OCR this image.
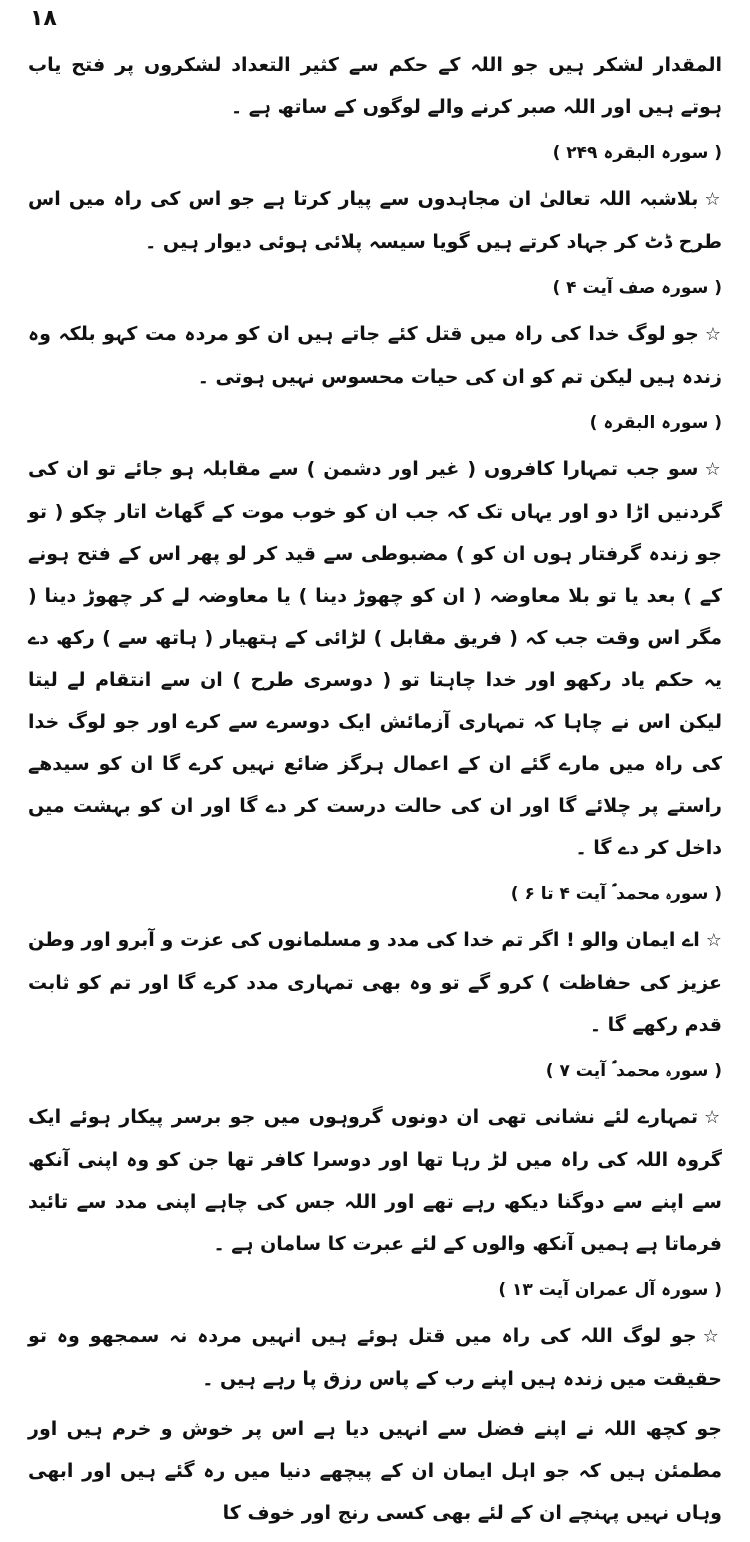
۱۸

المقدار لشکر ہیں جو اللہ کے حکم سے کثیر التعداد لشکروں پر فتح یاب ہوتے ہیں اور اللہ صبر کرنے والے لوگوں کے ساتھ ہے ۔

( سورہ البقرہ ۲۴۹ )

☆بلاشبہ اللہ تعالیٰ ان مجاہدوں سے پیار کرتا ہے جو اس کی راہ میں اس طرح ڈٹ کر جہاد کرتے ہیں گویا سیسہ پلائی ہوئی دیوار ہیں ۔

( سورہ صف آیت ۴ )

☆جو لوگ خدا کی راہ میں قتل کئے جاتے ہیں ان کو مردہ مت کہو بلکہ وہ زندہ ہیں لیکن تم کو ان کی حیات محسوس نہیں ہوتی ۔

( سورہ البقرہ )

☆سو جب تمہارا کافروں ( غیر اور دشمن ) سے مقابلہ ہو جائے تو ان کی گردنیں اڑا دو اور یہاں تک کہ جب ان کو خوب موت کے گھاٹ اتار چکو ( تو جو زندہ گرفتار ہوں ان کو ) مضبوطی سے قید کر لو پھر اس کے فتح ہونے کے ) بعد یا تو بلا معاوضہ ( ان کو چھوڑ دینا ) یا معاوضہ لے کر چھوڑ دینا ( مگر اس وقت جب کہ ( فریق مقابل ) لڑائی کے ہتھیار ( ہاتھ سے ) رکھ دے یہ حکم یاد رکھو اور خدا چاہتا تو ( دوسری طرح ) ان سے انتقام لے لیتا لیکن اس نے چاہا کہ تمہاری آزمائش ایک دوسرے سے کرے اور جو لوگ خدا کی راہ میں مارے گئے ان کے اعمال ہرگز ضائع نہیں کرے گا ان کو سیدھے راستے پر چلائے گا اور ان کی حالت درست کر دے گا اور ان کو بہشت میں داخل کر دے گا ۔

( سورہ محمد ؐ آیت ۴ تا ۶ )

☆اے ایمان والو ! اگر تم خدا کی مدد و مسلمانوں کی عزت و آبرو اور وطن عزیز کی حفاظت ) کرو گے تو وہ بھی تمہاری مدد کرے گا اور تم کو ثابت قدم رکھے گا ۔

( سورہ محمد ؐ آیت ۷ )

☆تمہارے لئے نشانی تھی ان دونوں گروہوں میں جو برسر پیکار ہوئے ایک گروہ اللہ کی راہ میں لڑ رہا تھا اور دوسرا کافر تھا جن کو وہ اپنی آنکھ سے اپنے سے دوگنا دیکھ رہے تھے اور اللہ جس کی چاہے اپنی مدد سے تائید فرماتا ہے ہمیں آنکھ والوں کے لئے عبرت کا سامان ہے ۔

( سورہ آل عمران آیت ۱۳ )

☆جو لوگ اللہ کی راہ میں قتل ہوئے ہیں انہیں مردہ نہ سمجھو وہ تو حقیقت میں زندہ ہیں اپنے رب کے پاس رزق پا رہے ہیں ۔

جو کچھ اللہ نے اپنے فضل سے انہیں دیا ہے اس پر خوش و خرم ہیں اور مطمئن ہیں کہ جو اہل ایمان ان کے پیچھے دنیا میں رہ گئے ہیں اور ابھی وہاں نہیں پہنچے ان کے لئے بھی کسی رنج اور خوف کا
